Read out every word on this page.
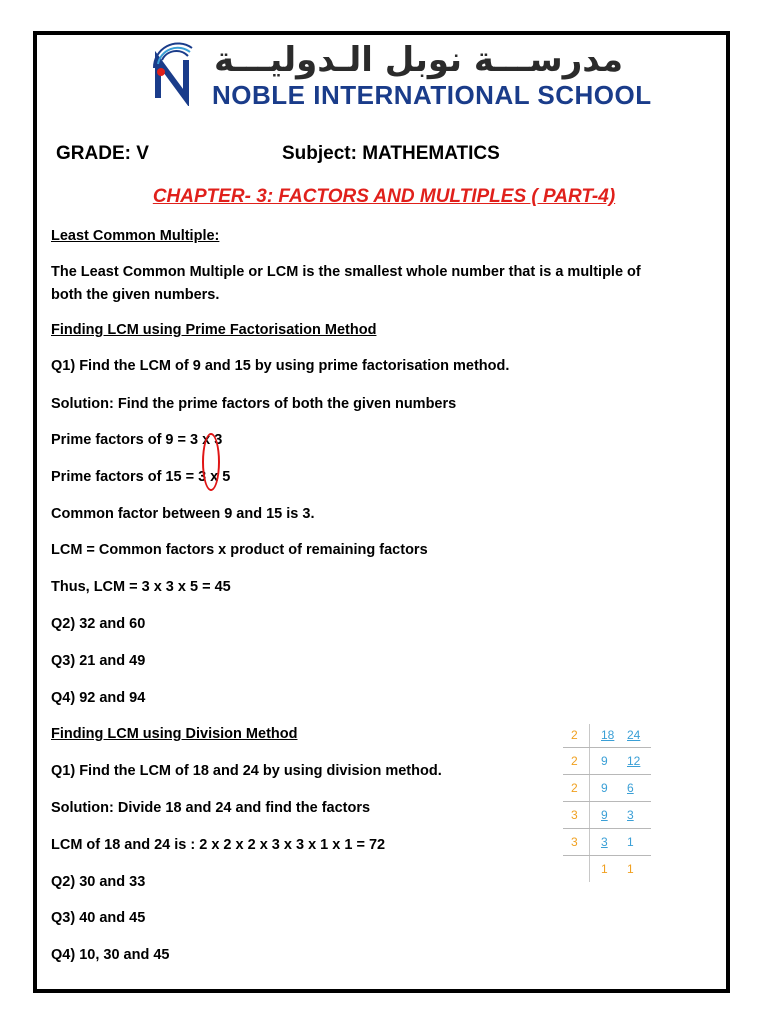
مدرســـة نوبل الـدوليـــة
NOBLE INTERNATIONAL SCHOOL
GRADE: V	Subject: MATHEMATICS
CHAPTER- 3: FACTORS AND MULTIPLES ( PART-4)
Least Common Multiple:
The Least Common Multiple or LCM is the smallest whole number that is a multiple of
both the given numbers.
Finding LCM using Prime Factorisation Method
Q1) Find the LCM of 9 and 15 by using prime factorisation method.
Solution: Find the prime factors of both the given numbers
Prime factors of 9 = 3 x 3
Prime factors of 15 = 3 x 5
Common factor between 9 and 15 is 3.
LCM = Common factors x product of remaining factors
Thus, LCM = 3 x 3 x 5 = 45
Q2) 32 and 60
Q3) 21 and 49
Q4) 92 and 94
Finding LCM using Division Method
Q1) Find the LCM of 18 and 24 by using division method.
Solution: Divide 18 and 24 and find the factors
LCM of 18 and 24 is : 2 x 2 x 2 x 3 x 3 x 1 x 1 = 72
Q2) 30 and 33
Q3) 40 and 45
Q4) 10, 30 and 45
2 18 24
2 9 12
2 9 6
3 9 3
3 3 1
1 1
